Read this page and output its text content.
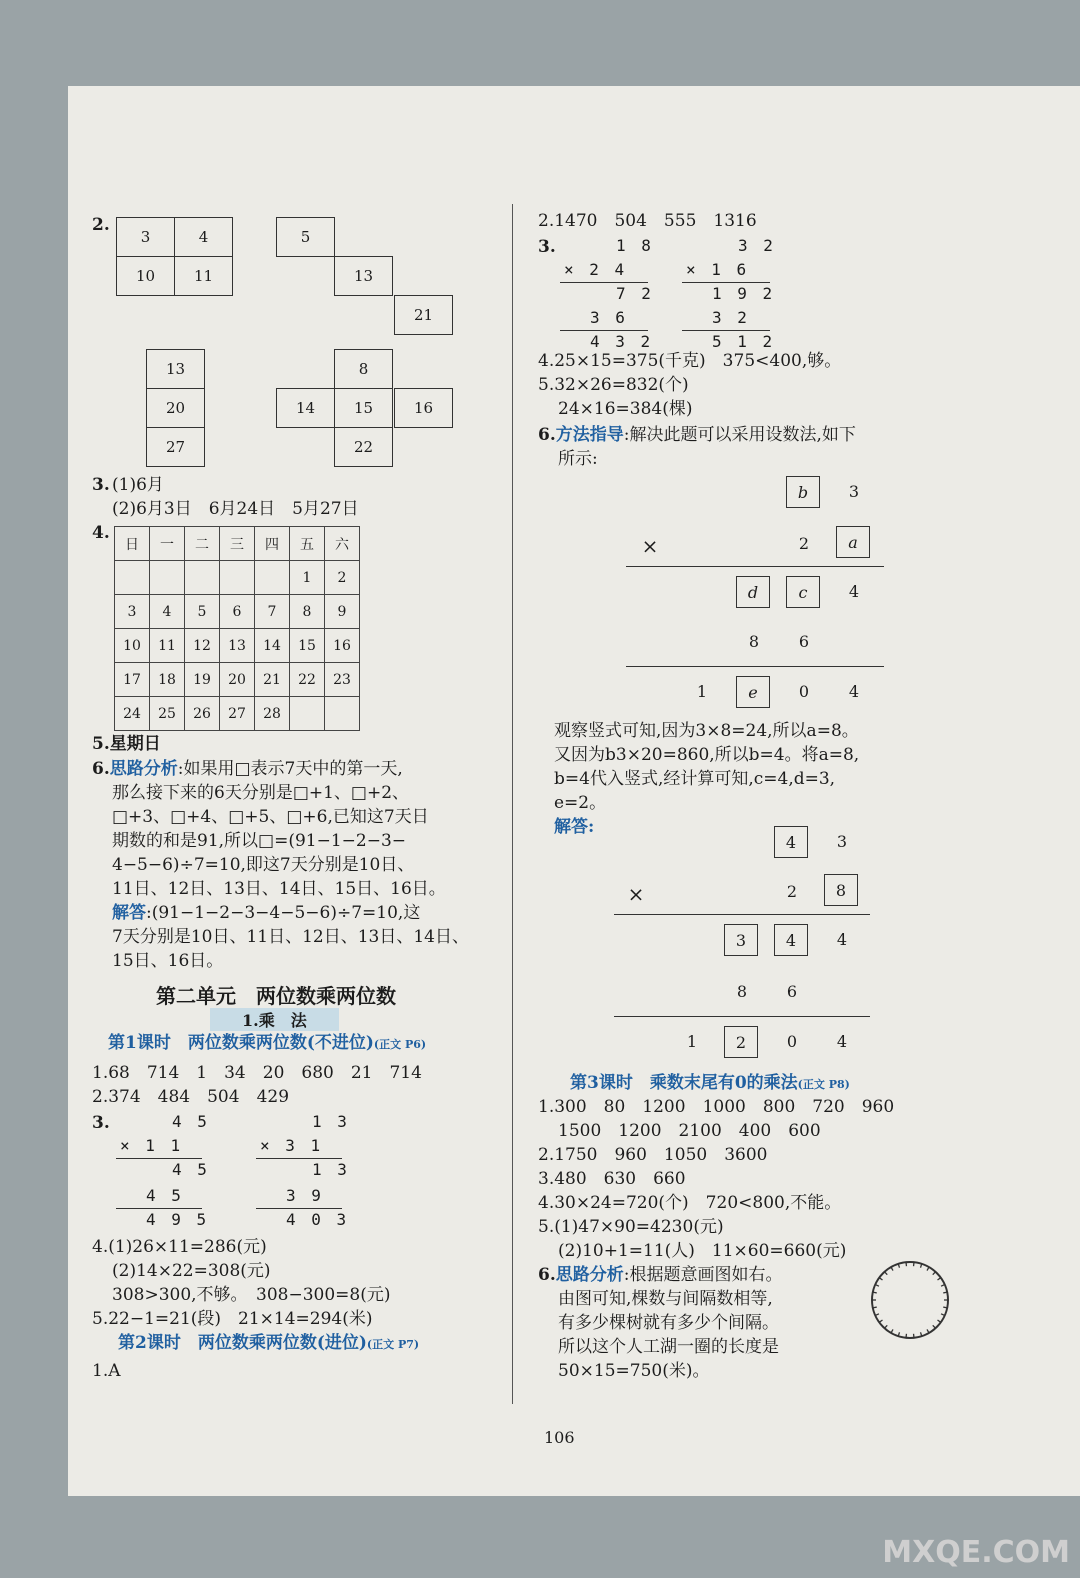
2.
3	4
10	11
5
13
21
13
20
27
8
14	15	16
22
3. (1)6月
(2)6月3日　6月24日　5月27日
4.
日	一	二	三	四	五	六
					1	2
3	4	5	6	7	8	9
10	11	12	13	14	15	16
17	18	19	20	21	22	23
24	25	26	27	28		
5.星期日
6.思路分析:如果用□表示7天中的第一天,
那么接下来的6天分别是□+1、□+2、
□+3、□+4、□+5、□+6,已知这7天日
期数的和是91,所以□=(91−1−2−3−
4−5−6)÷7=10,即这7天分别是10日、
11日、12日、13日、14日、15日、16日。
解答:(91−1−2−3−4−5−6)÷7=10,这
7天分别是10日、11日、12日、13日、14日、
15日、16日。
第二单元　两位数乘两位数
1.乘　法
第1课时　两位数乘两位数(不进位)(正文 P6)
1.68　714　1　34　20　680　21　714
2.374　484　504　429
3.	4 5
× 1 1
4 5
4 5
4 9 5
1 3
× 3 1
1 3
3 9
4 0 3
4.(1)26×11=286(元)
(2)14×22=308(元)
308>300,不够。　308−300=8(元)
5.22−1=21(段)　21×14=294(米)
第2课时　两位数乘两位数(进位)(正文 P7)
1.A
2.1470　504　555　1316
3.	1 8
× 2 4
7 2
3 6
4 3 2
3 2
× 1 6
1 9 2
3 2
5 1 2
4.25×15=375(千克)　375<400,够。
5.32×26=832(个)
24×16=384(棵)
6.方法指导:解决此题可以采用设数法,如下
所示:
b	3
×	2	a
d	c	4
8	6
1	e	0	4
观察竖式可知,因为3×8=24,所以a=8。
又因为b3×20=860,所以b=4。将a=8,
b=4代入竖式,经计算可知,c=4,d=3,
e=2。
解答:
4	3
×	2	8
3	4	4
8	6
1	2	0	4
第3课时　乘数末尾有0的乘法(正文 P8)
1.300　80　1200　1000　800　720　960
1500　1200　2100　400　600
2.1750　960　1050　3600
3.480　630　660
4.30×24=720(个)　720<800,不能。
5.(1)47×90=4230(元)
(2)10+1=11(人)　11×60=660(元)
6.思路分析:根据题意画图如右。
由图可知,棵数与间隔数相等,
有多少棵树就有多少个间隔。
所以这个人工湖一圈的长度是
50×15=750(米)。
106
MXQE.COM
